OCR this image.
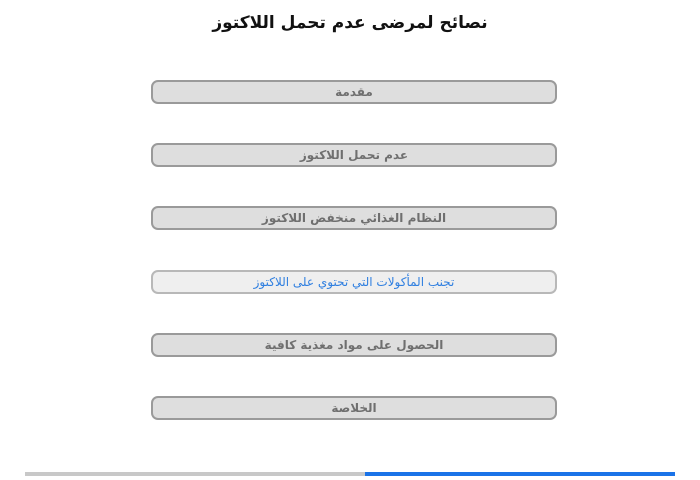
نصائح لمرضى عدم تحمل اللاكتوز
مقدمة
عدم تحمل اللاكتوز
النظام الغذائي منخفض اللاكتوز
تجنب المأكولات التي تحتوي على اللاكتوز
الحصول على مواد مغذية كافية
الخلاصة
